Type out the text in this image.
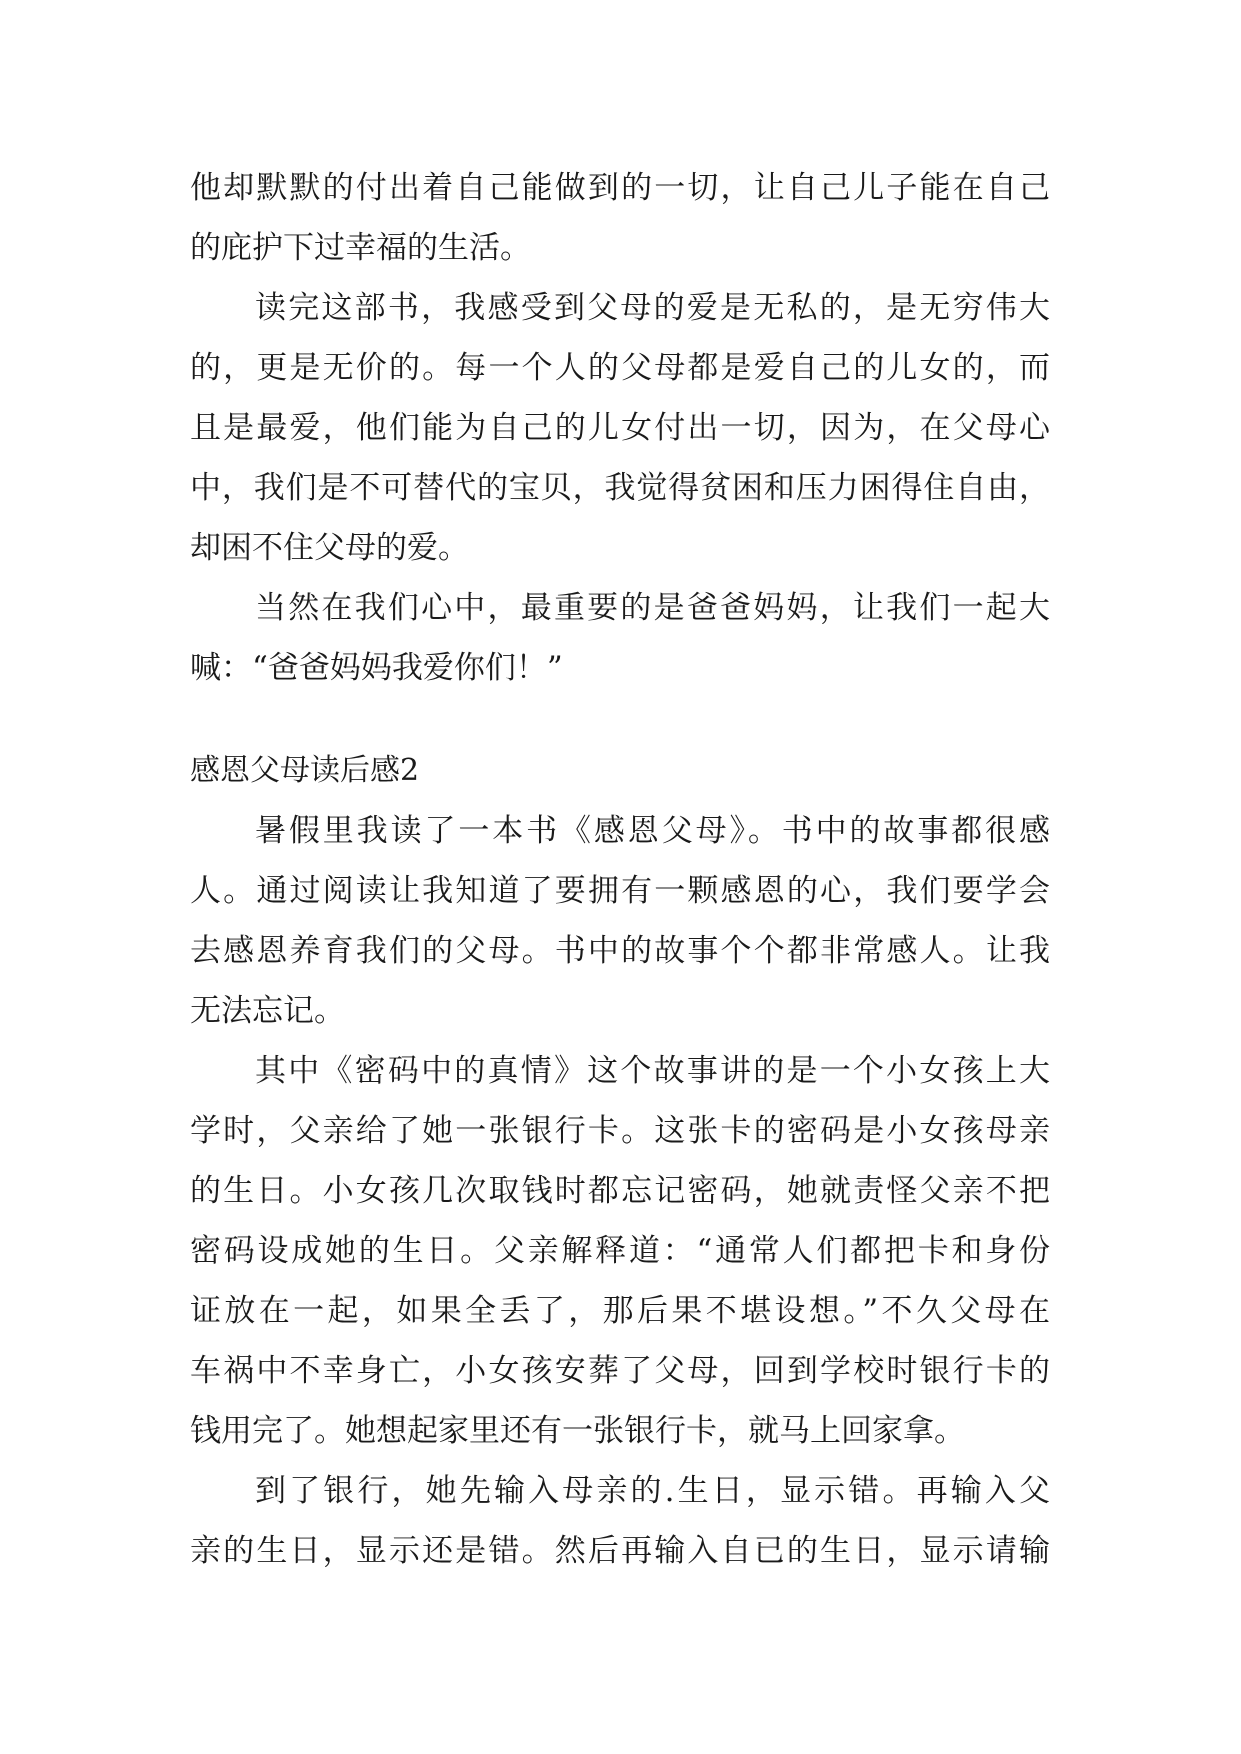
他却默默的付出着自己能做到的一切，让自己儿子能在自己

的庇护下过幸福的生活。

读完这部书，我感受到父母的爱是无私的，是无穷伟大

的，更是无价的。每一个人的父母都是爱自己的儿女的，而

且是最爱，他们能为自己的儿女付出一切，因为，在父母心

中，我们是不可替代的宝贝，我觉得贫困和压力困得住自由，

却困不住父母的爱。

当然在我们心中，最重要的是爸爸妈妈，让我们一起大

喊：“爸爸妈妈我爱你们！”

感恩父母读后感2

暑假里我读了一本书《感恩父母》。书中的故事都很感

人。通过阅读让我知道了要拥有一颗感恩的心，我们要学会

去感恩养育我们的父母。书中的故事个个都非常感人。让我

无法忘记。

其中《密码中的真情》这个故事讲的是一个小女孩上大

学时，父亲给了她一张银行卡。这张卡的密码是小女孩母亲

的生日。小女孩几次取钱时都忘记密码，她就责怪父亲不把

密码设成她的生日。父亲解释道：“通常人们都把卡和身份

证放在一起，如果全丢了，那后果不堪设想。”不久父母在

车祸中不幸身亡，小女孩安葬了父母，回到学校时银行卡的

钱用完了。她想起家里还有一张银行卡，就马上回家拿。

到了银行，她先输入母亲的.生日，显示错。再输入父

亲的生日，显示还是错。然后再输入自已的生日，显示请输
